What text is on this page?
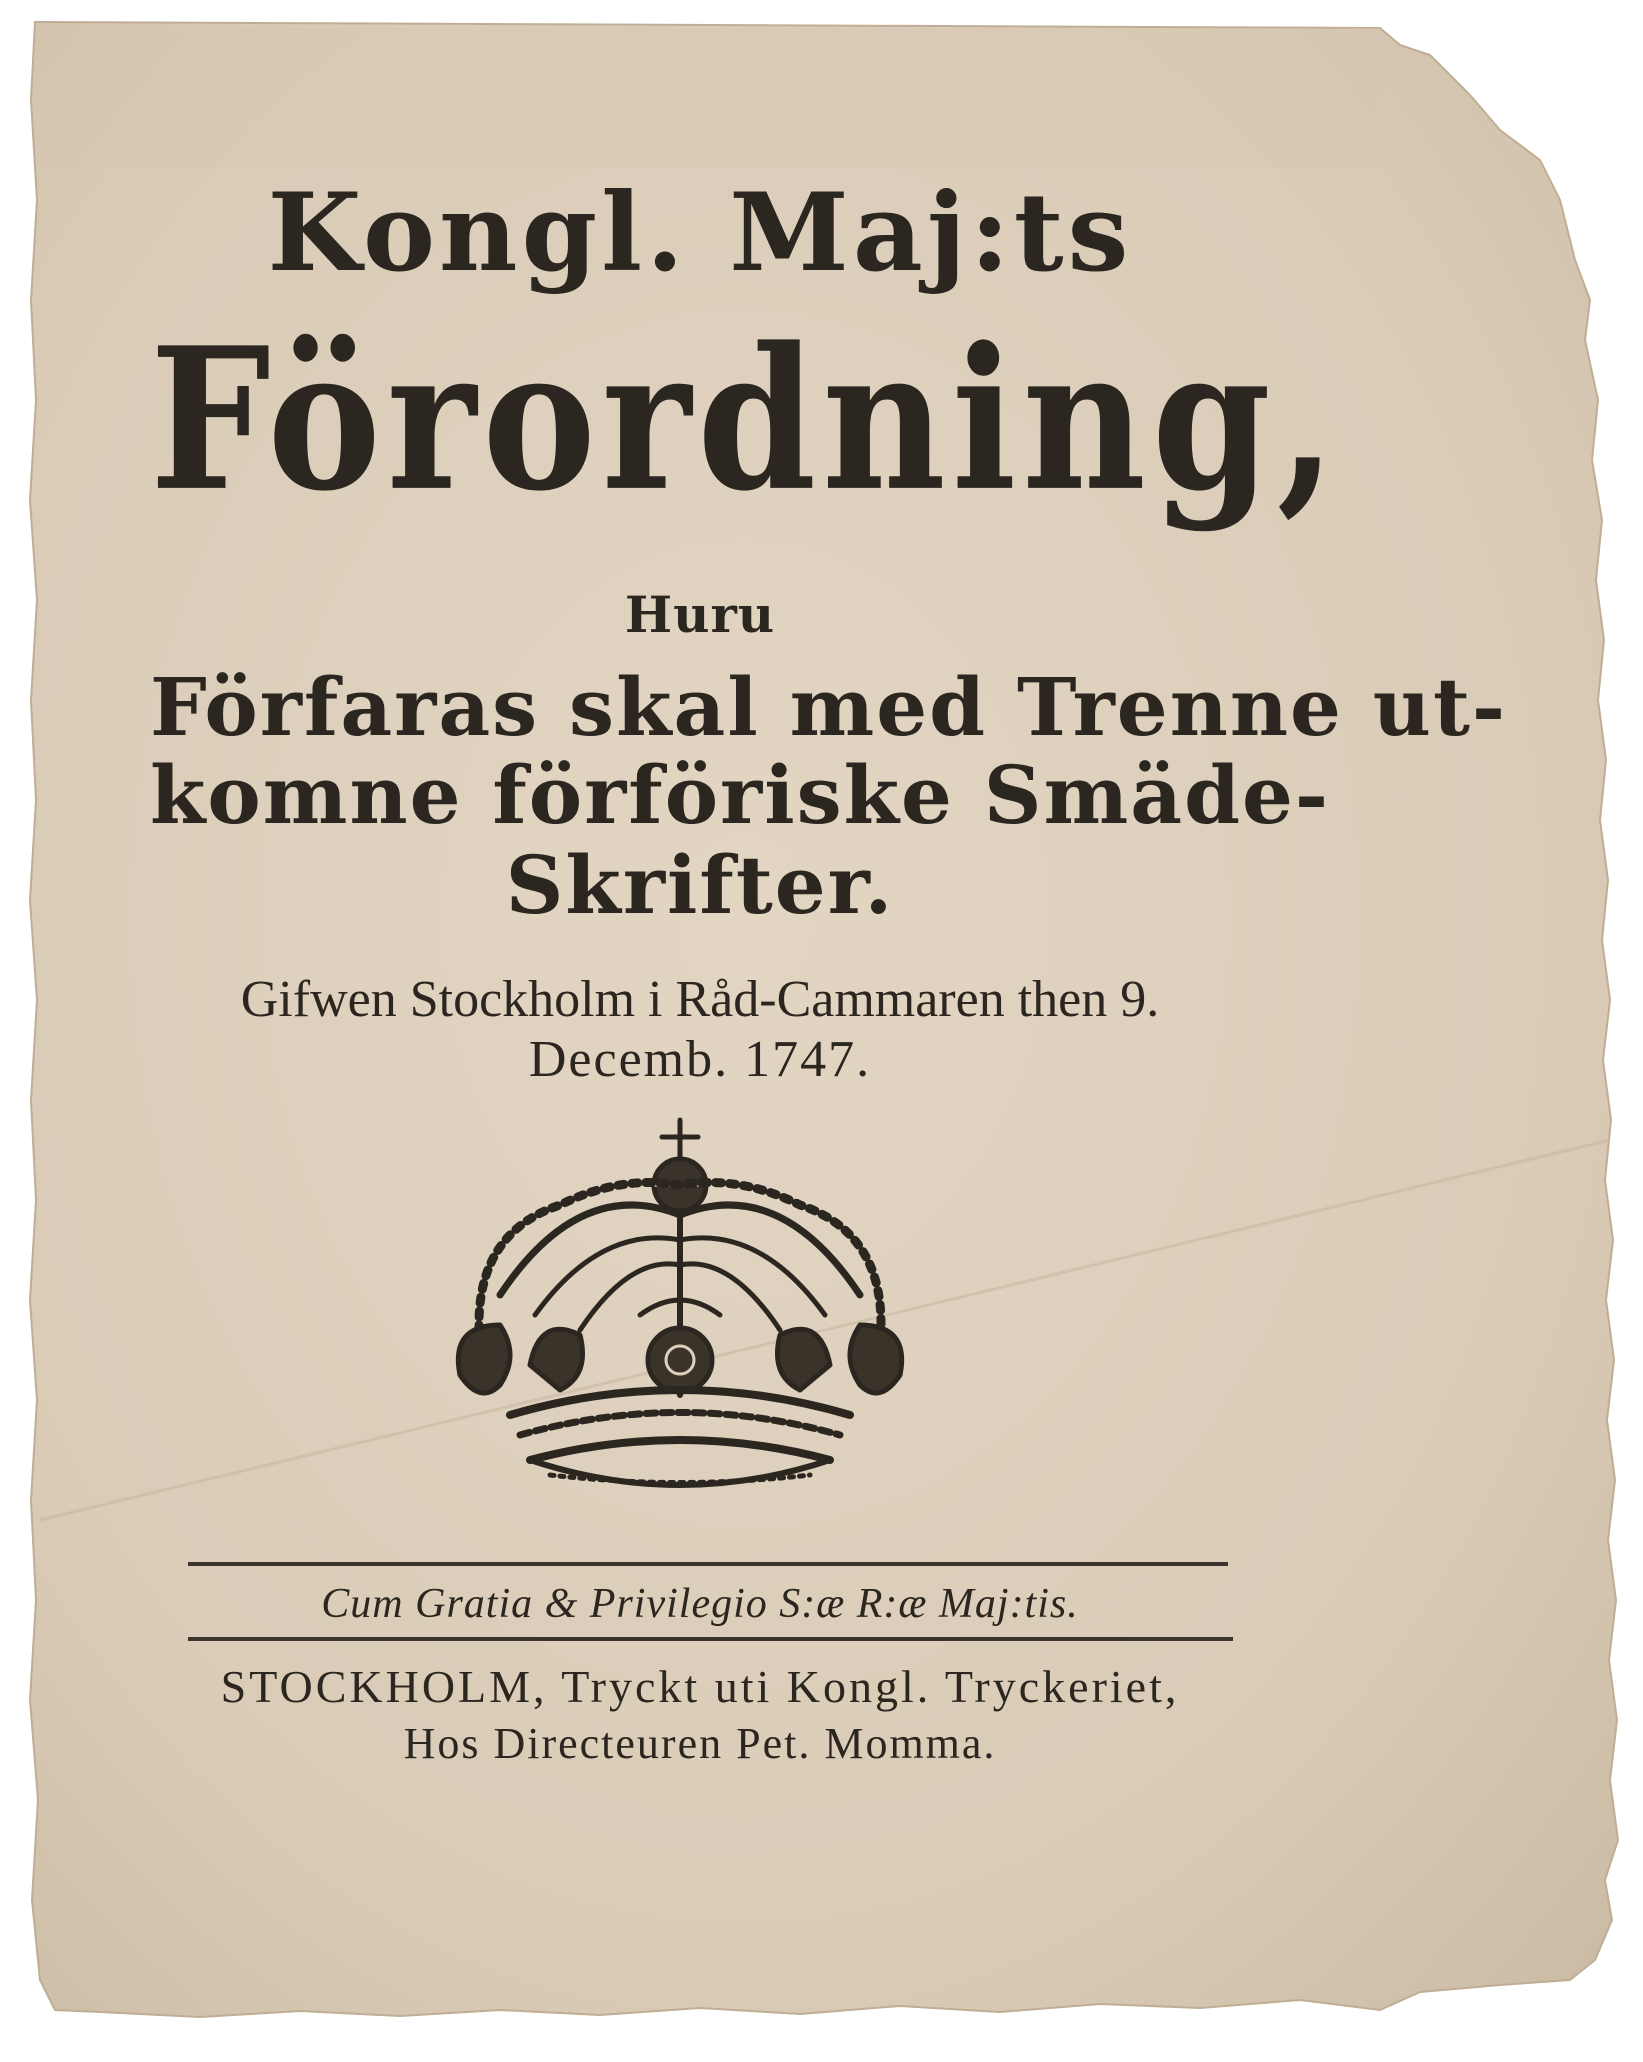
Kongl. Maj:ts
Förordning,
Huru
Förfaras skal med Trenne ut-
komne förföriske Smäde-
Skrifter.
Gifwen Stockholm i Råd-Cammaren then 9.
Decemb. 1747.
Cum Gratia & Privilegio S:æ R:æ Maj:tis.
STOCKHOLM, Tryckt uti Kongl. Tryckeriet,
Hos Directeuren Pet. Momma.
